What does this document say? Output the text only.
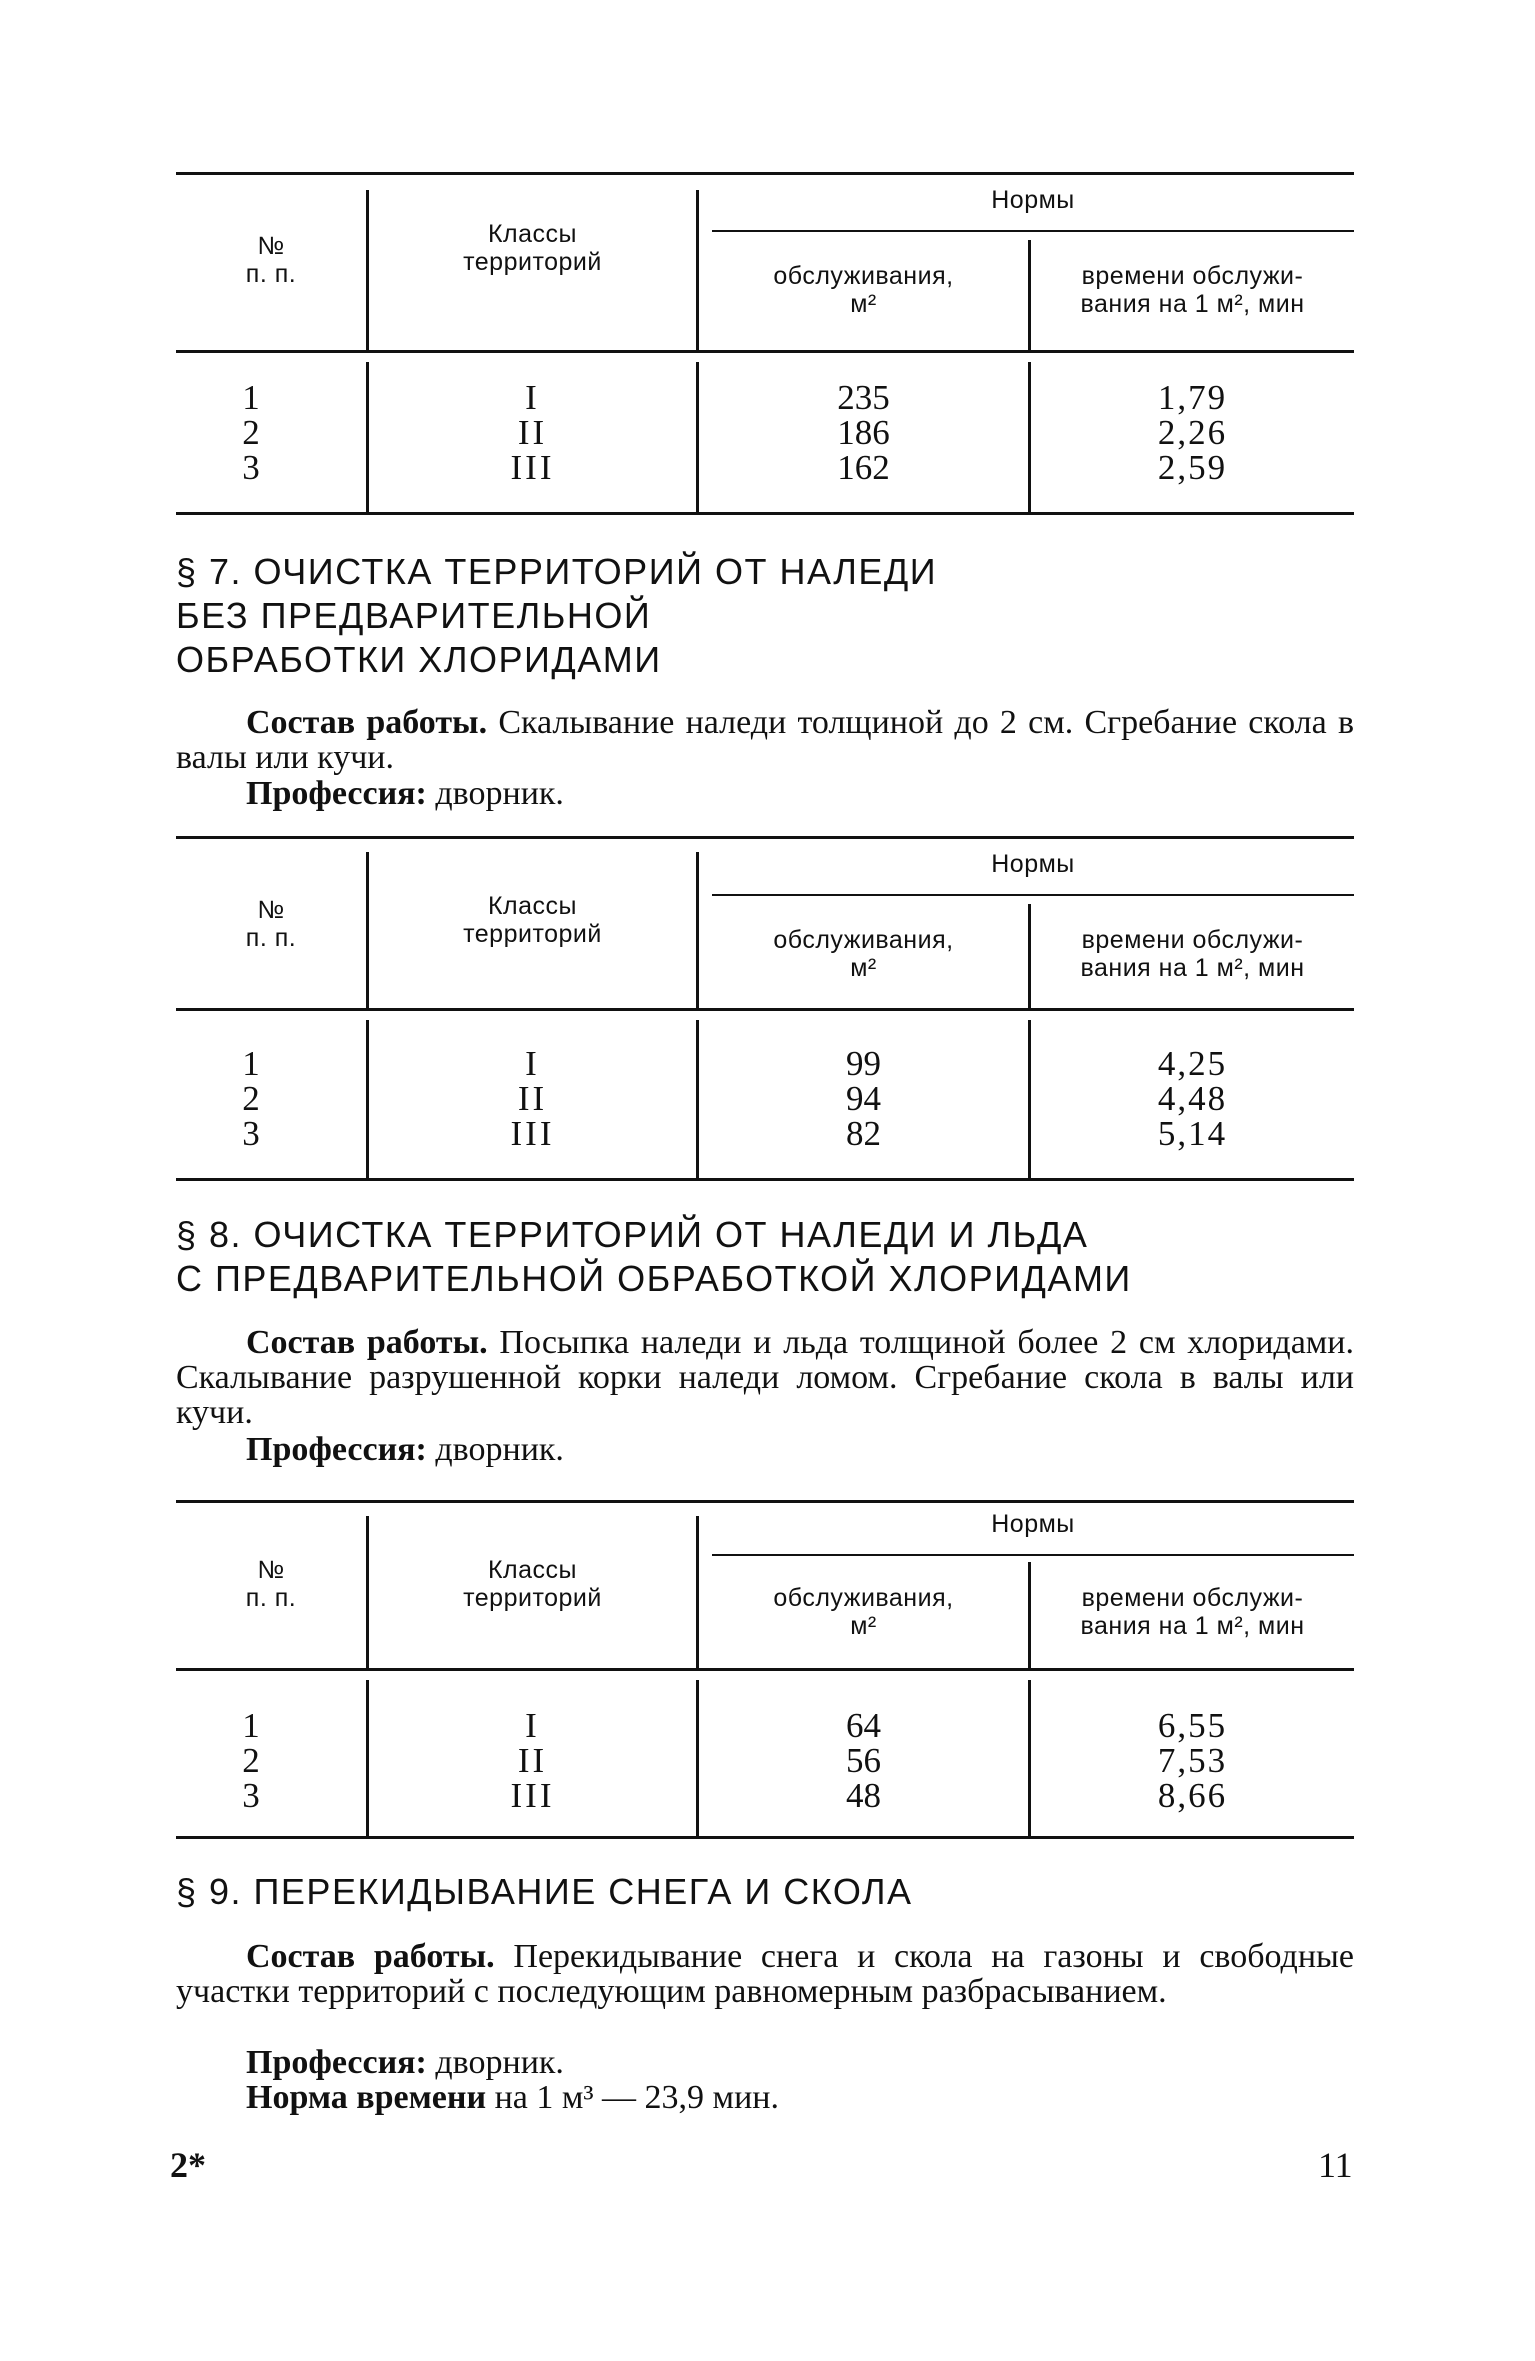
№
п. п.
Классы
территорий
Нормы
обслуживания,
м²
времени обслужи-
вания на 1 м², мин
1
2
3
I
II
III
235
186
162
1,79
2,26
2,59
§ 7. ОЧИСТКА ТЕРРИТОРИЙ ОТ НАЛЕДИ
БЕЗ ПРЕДВАРИТЕЛЬНОЙ
ОБРАБОТКИ ХЛОРИДАМИ
Состав работы. Скалывание наледи толщиной до 2 см. Сгребание скола в валы или кучи.
Профессия: дворник.
№
п. п.
Классы
территорий
Нормы
обслуживания,
м²
времени обслужи-
вания на 1 м², мин
1
2
3
I
II
III
99
94
82
4,25
4,48
5,14
§ 8. ОЧИСТКА ТЕРРИТОРИЙ ОТ НАЛЕДИ И ЛЬДА
С ПРЕДВАРИТЕЛЬНОЙ ОБРАБОТКОЙ ХЛОРИДАМИ
Состав работы. Посыпка наледи и льда толщиной более 2 см хлоридами. Скалывание разрушенной корки наледи ломом. Сгребание скола в валы или кучи.
Профессия: дворник.
№
п. п.
Классы
территорий
Нормы
обслуживания,
м²
времени обслужи-
вания на 1 м², мин
1
2
3
I
II
III
64
56
48
6,55
7,53
8,66
§ 9. ПЕРЕКИДЫВАНИЕ СНЕГА И СКОЛА
Состав работы. Перекидывание снега и скола на газоны и свободные участки территорий с последующим равномерным разбрасыванием.
Профессия: дворник.
Норма времени на 1 м³ — 23,9 мин.
2*	11
